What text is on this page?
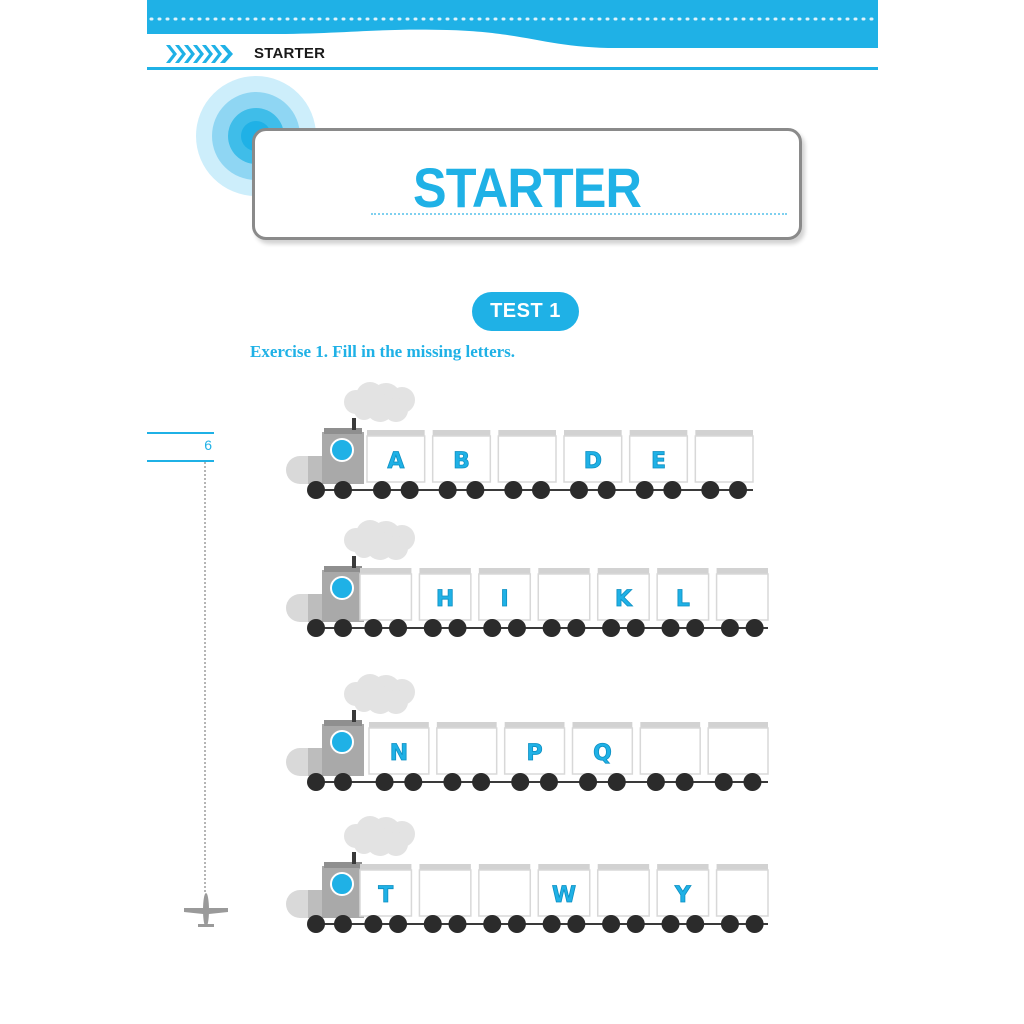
STARTER
STARTER
TEST 1
Exercise 1. Fill in the missing letters.
6
A B	D E
H I	K L
N	P Q
T	W	Y
